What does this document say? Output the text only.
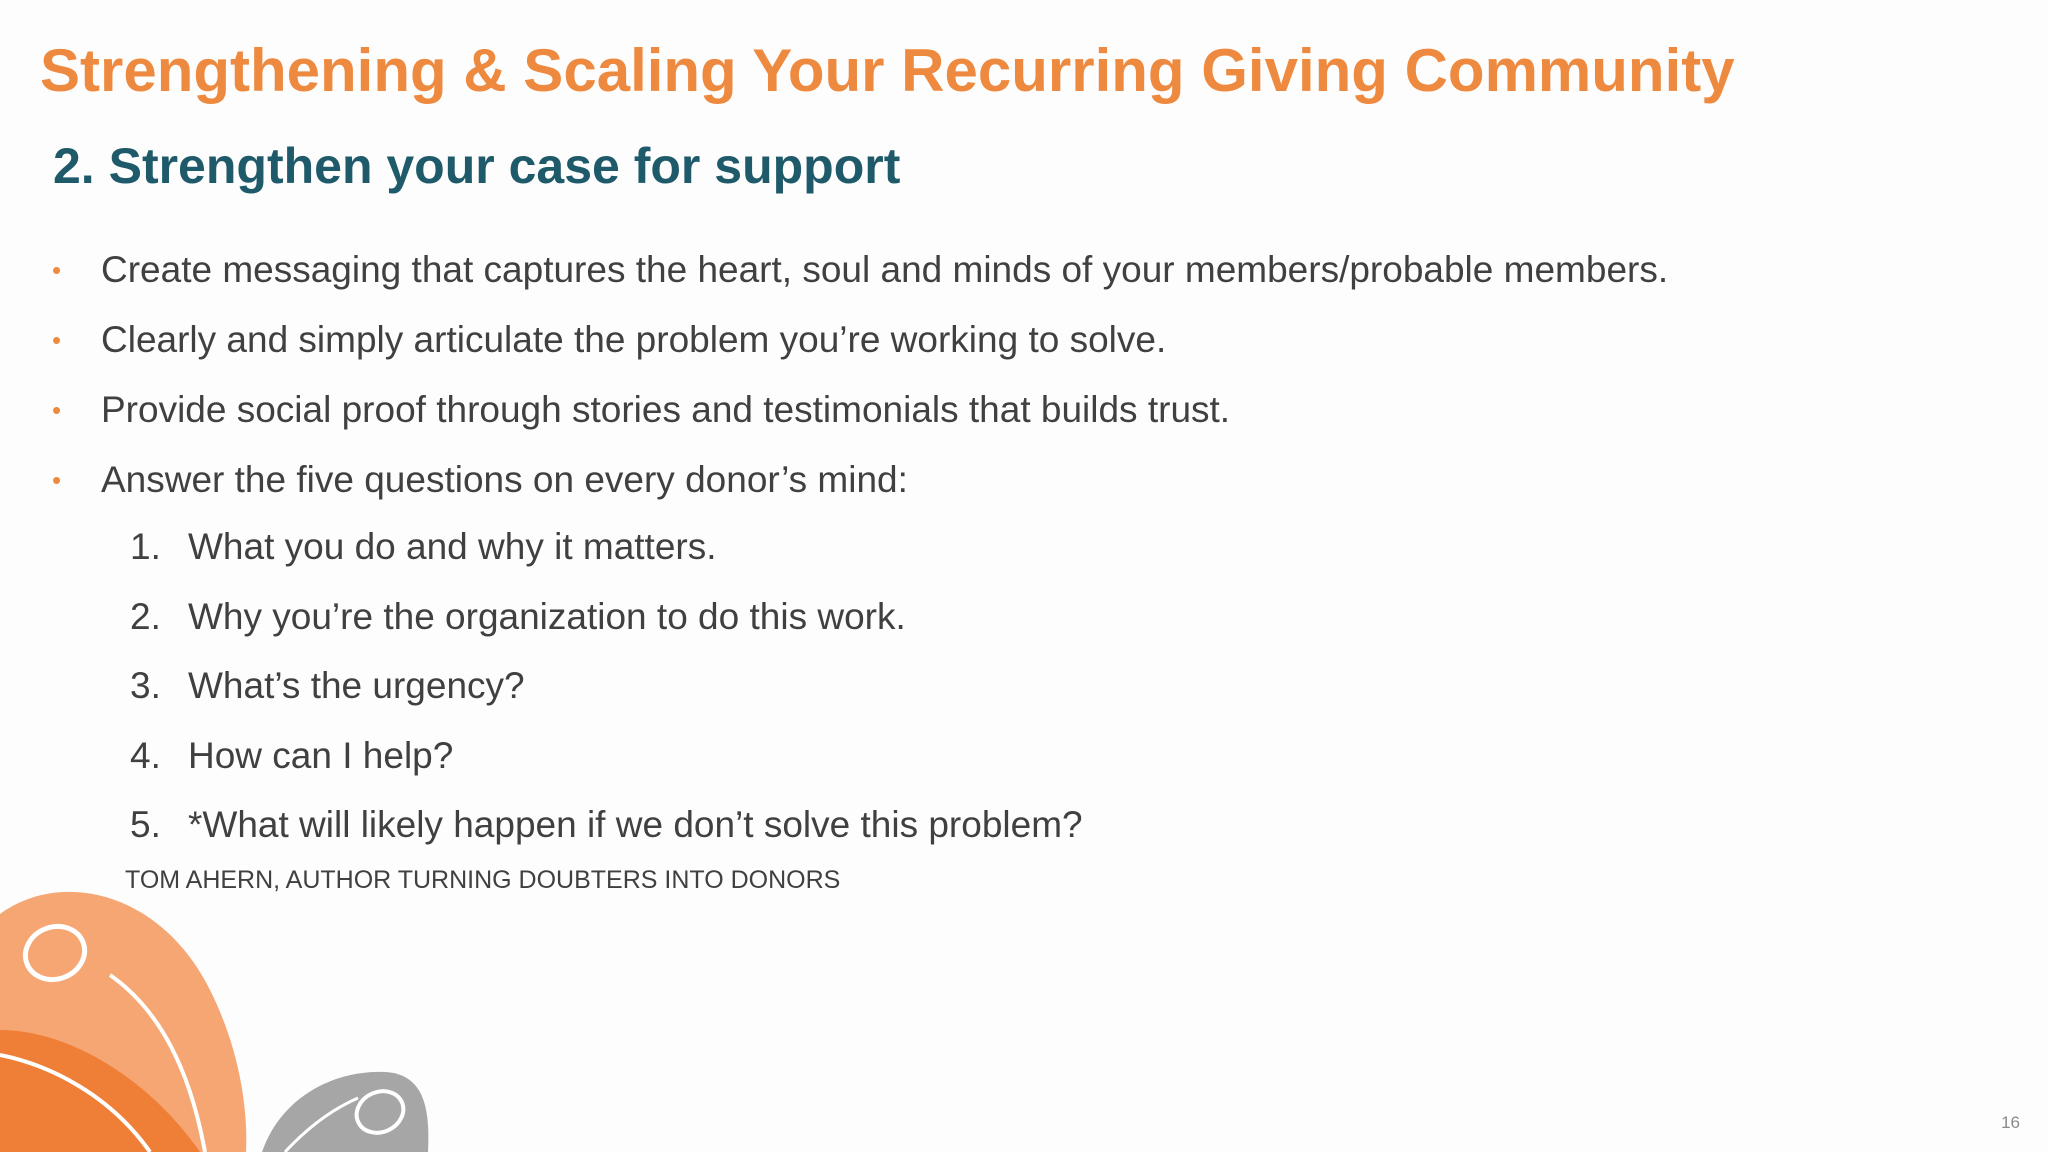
Strengthening & Scaling Your Recurring Giving Community
2. Strengthen your case for support
• Create messaging that captures the heart, soul and minds of your members/probable members.
• Clearly and simply articulate the problem you’re working to solve.
• Provide social proof through stories and testimonials that builds trust.
• Answer the five questions on every donor’s mind:
1. What you do and why it matters.
2. Why you’re the organization to do this work.
3. What’s the urgency?
4. How can I help?
5. *What will likely happen if we don’t solve this problem?
TOM AHERN, AUTHOR TURNING DOUBTERS INTO DONORS
16
